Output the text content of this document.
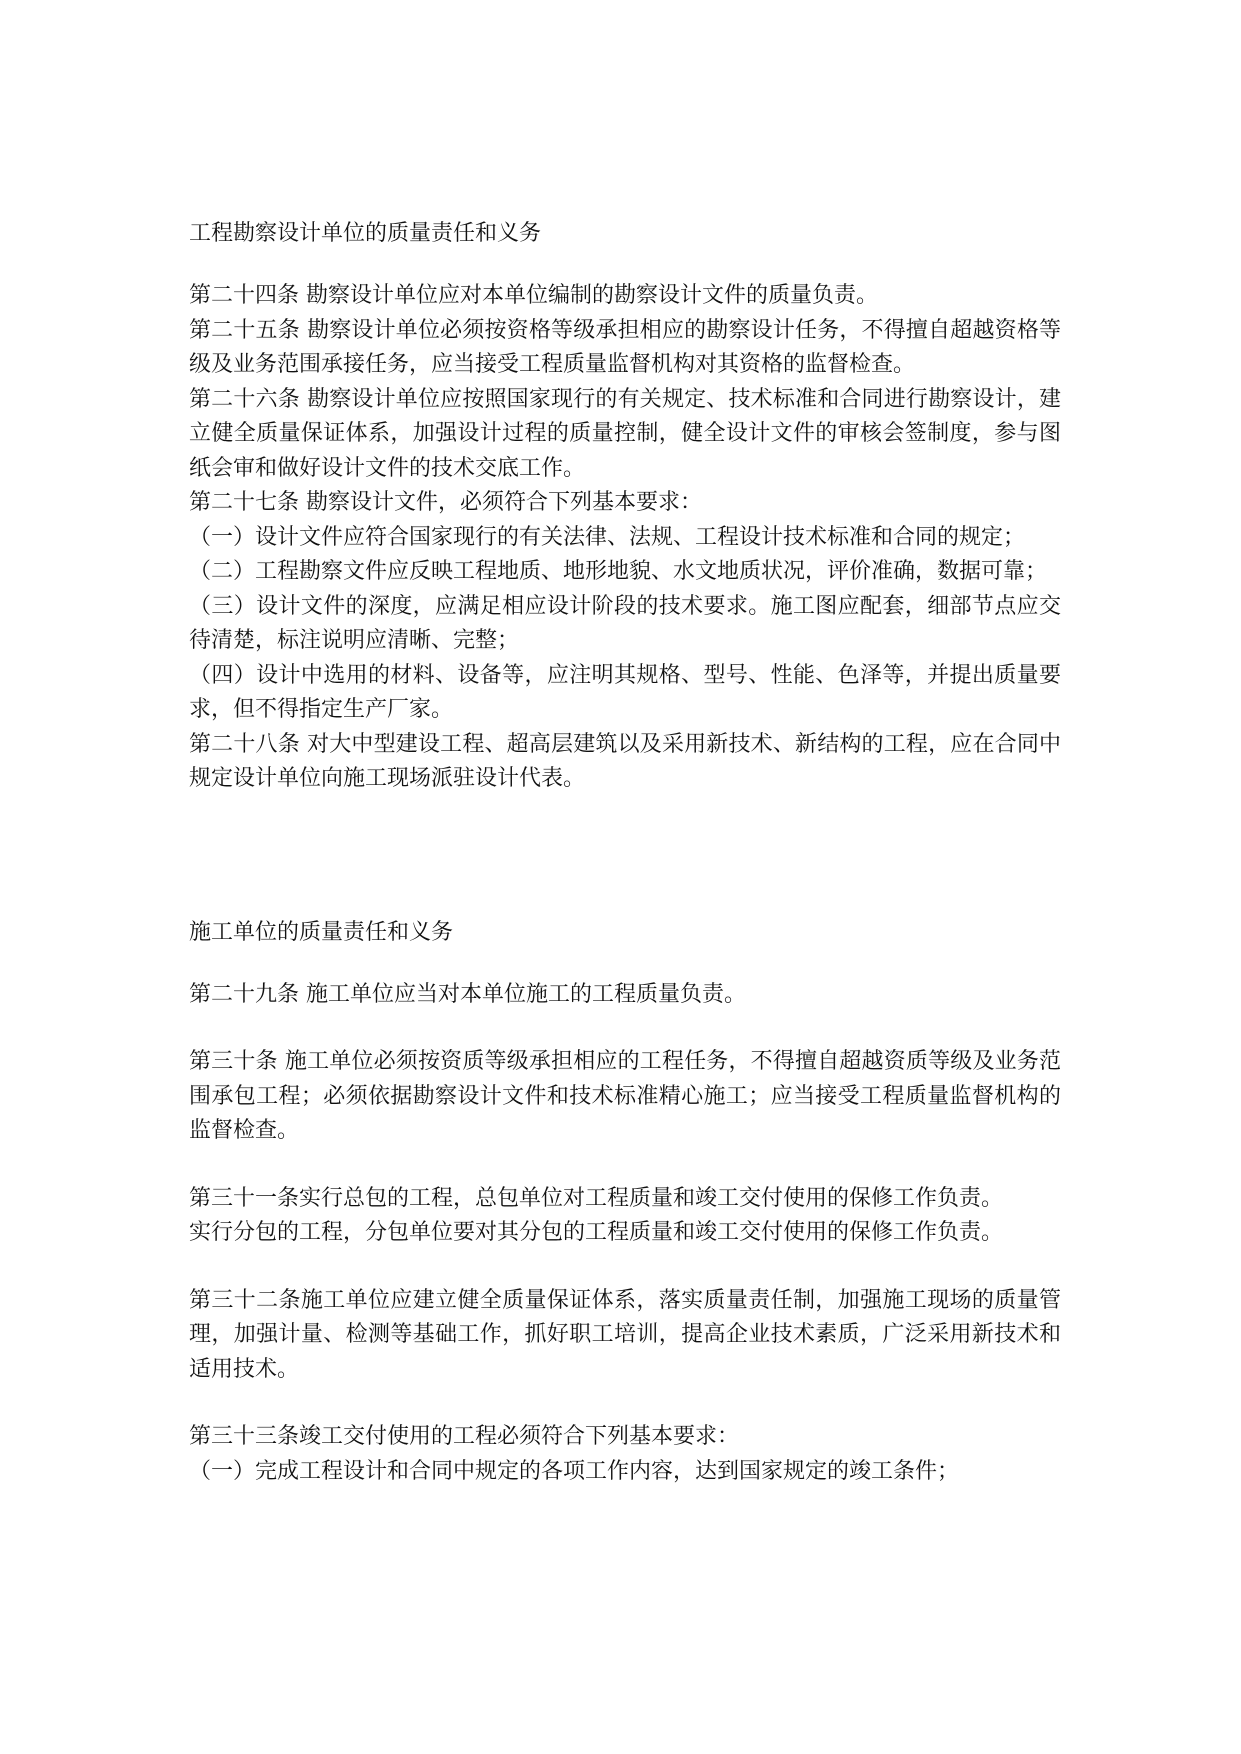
工程勘察设计单位的质量责任和义务

第二十四条 勘察设计单位应对本单位编制的勘察设计文件的质量负责。

第二十五条 勘察设计单位必须按资格等级承担相应的勘察设计任务，不得擅自超越资格等级及业务范围承接任务，应当接受工程质量监督机构对其资格的监督检查。

第二十六条 勘察设计单位应按照国家现行的有关规定、技术标准和合同进行勘察设计，建立健全质量保证体系，加强设计过程的质量控制，健全设计文件的审核会签制度，参与图纸会审和做好设计文件的技术交底工作。

第二十七条 勘察设计文件，必须符合下列基本要求：

（一）设计文件应符合国家现行的有关法律、法规、工程设计技术标准和合同的规定；

（二）工程勘察文件应反映工程地质、地形地貌、水文地质状况，评价准确，数据可靠；

（三）设计文件的深度，应满足相应设计阶段的技术要求。施工图应配套，细部节点应交待清楚，标注说明应清晰、完整；

（四）设计中选用的材料、设备等，应注明其规格、型号、性能、色泽等，并提出质量要求，但不得指定生产厂家。

第二十八条 对大中型建设工程、超高层建筑以及采用新技术、新结构的工程，应在合同中规定设计单位向施工现场派驻设计代表。

施工单位的质量责任和义务

第二十九条 施工单位应当对本单位施工的工程质量负责。

第三十条 施工单位必须按资质等级承担相应的工程任务，不得擅自超越资质等级及业务范围承包工程；必须依据勘察设计文件和技术标准精心施工；应当接受工程质量监督机构的监督检查。

第三十一条实行总包的工程，总包单位对工程质量和竣工交付使用的保修工作负责。

实行分包的工程，分包单位要对其分包的工程质量和竣工交付使用的保修工作负责。

第三十二条施工单位应建立健全质量保证体系，落实质量责任制，加强施工现场的质量管理，加强计量、检测等基础工作，抓好职工培训，提高企业技术素质，广泛采用新技术和适用技术。

第三十三条竣工交付使用的工程必须符合下列基本要求：

（一）完成工程设计和合同中规定的各项工作内容，达到国家规定的竣工条件；
